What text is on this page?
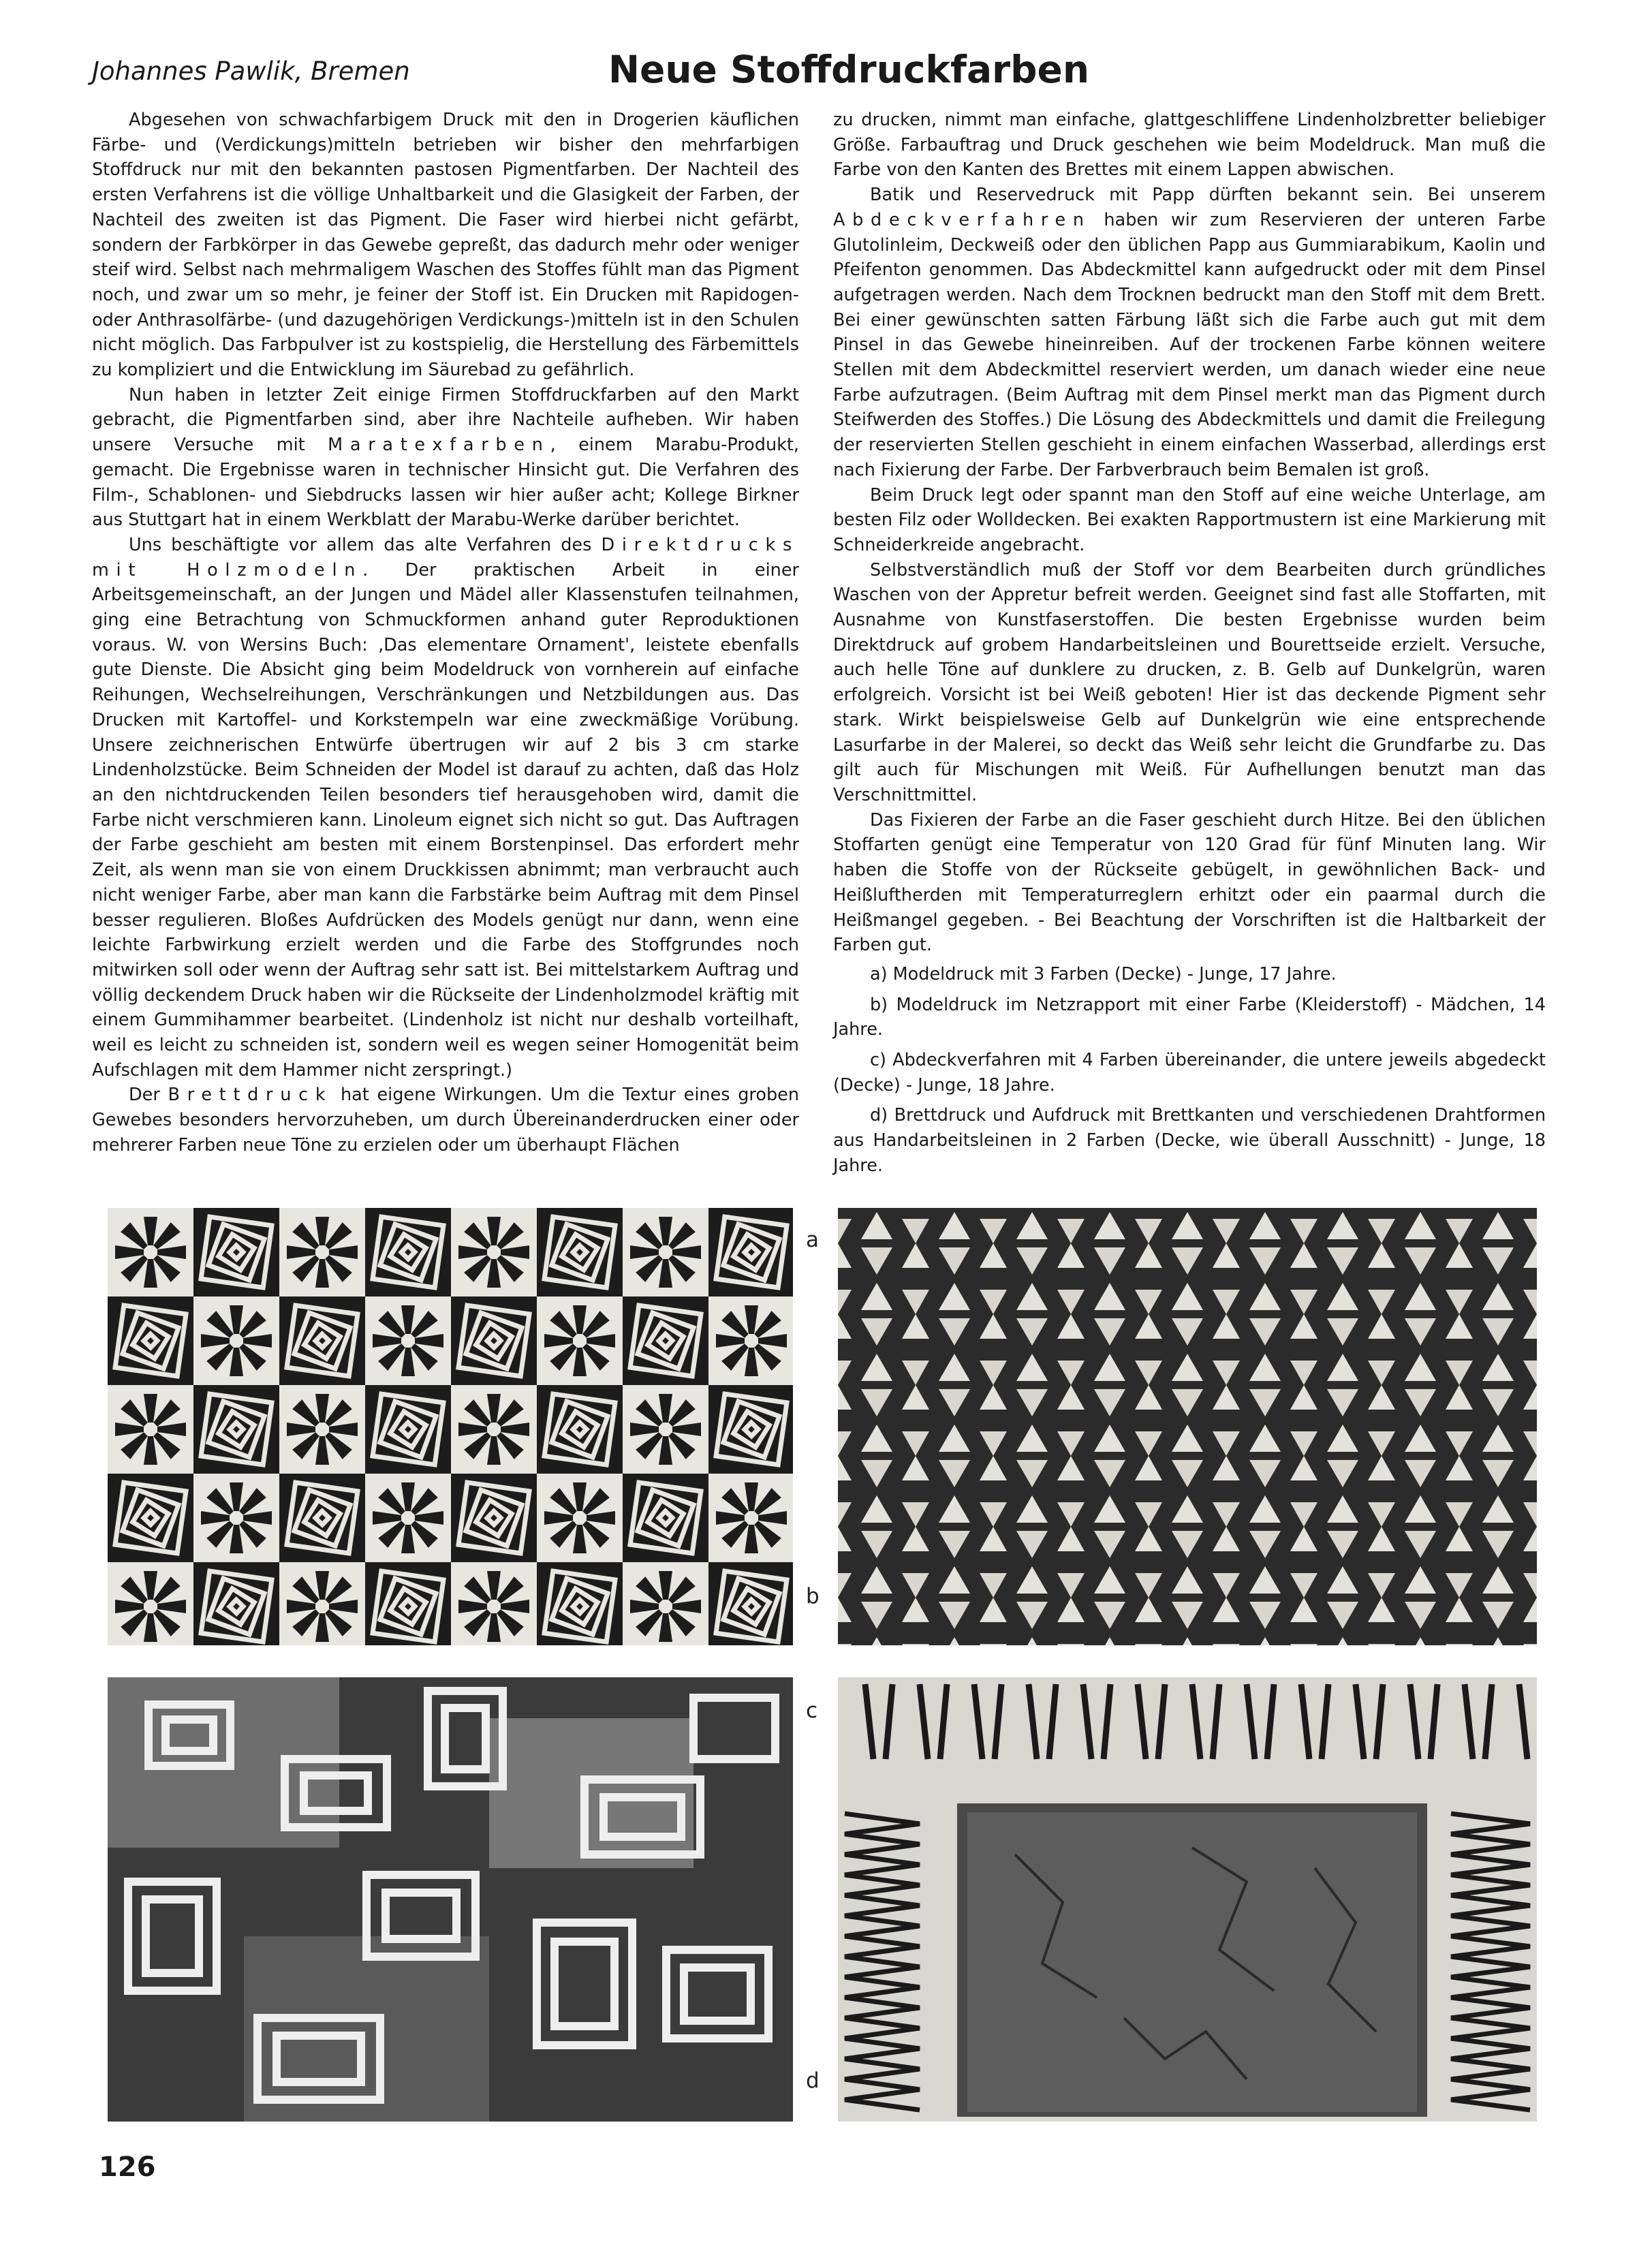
Johannes Pawlik, Bremen	Neue Stoffdruckfarben

Abgesehen von schwachfarbigem Druck mit den in Drogerien käuflichen Färbe- und (Verdickungs)mitteln betrieben wir bisher den mehrfarbigen Stoffdruck nur mit den bekannten pastosen Pigmentfarben. Der Nachteil des ersten Verfahrens ist die völlige Unhaltbarkeit und die Glasigkeit der Farben, der Nachteil des zweiten ist das Pigment. Die Faser wird hierbei nicht gefärbt, sondern der Farbkörper in das Gewebe gepreßt, das dadurch mehr oder weniger steif wird. Selbst nach mehrmaligem Waschen des Stoffes fühlt man das Pigment noch, und zwar um so mehr, je feiner der Stoff ist. Ein Drucken mit Rapidogen- oder Anthrasolfärbe- (und dazugehörigen Verdickungs-)mitteln ist in den Schulen nicht möglich. Das Farbpulver ist zu kostspielig, die Herstellung des Färbemittels zu kompliziert und die Entwicklung im Säurebad zu gefährlich.

Nun haben in letzter Zeit einige Firmen Stoffdruckfarben auf den Markt gebracht, die Pigmentfarben sind, aber ihre Nachteile aufheben. Wir haben unsere Versuche mit Maratexfarben, einem Marabu-Produkt, gemacht. Die Ergebnisse waren in technischer Hinsicht gut. Die Verfahren des Film-, Schablonen- und Siebdrucks lassen wir hier außer acht; Kollege Birkner aus Stuttgart hat in einem Werkblatt der Marabu-Werke darüber berichtet.

Uns beschäftigte vor allem das alte Verfahren des Direktdrucks mit Holzmodeln. Der praktischen Arbeit in einer Arbeitsgemeinschaft, an der Jungen und Mädel aller Klassenstufen teilnahmen, ging eine Betrachtung von Schmuckformen anhand guter Reproduktionen voraus. W. von Wersins Buch: ‚Das elementare Ornament', leistete ebenfalls gute Dienste. Die Absicht ging beim Modeldruck von vornherein auf einfache Reihungen, Wechselreihungen, Verschränkungen und Netzbildungen aus. Das Drucken mit Kartoffel- und Korkstempeln war eine zweckmäßige Vorübung. Unsere zeichnerischen Entwürfe übertrugen wir auf 2 bis 3 cm starke Lindenholzstücke. Beim Schneiden der Model ist darauf zu achten, daß das Holz an den nichtdruckenden Teilen besonders tief herausgehoben wird, damit die Farbe nicht verschmieren kann. Linoleum eignet sich nicht so gut. Das Auftragen der Farbe geschieht am besten mit einem Borstenpinsel. Das erfordert mehr Zeit, als wenn man sie von einem Druckkissen abnimmt; man verbraucht auch nicht weniger Farbe, aber man kann die Farbstärke beim Auftrag mit dem Pinsel besser regulieren. Bloßes Aufdrücken des Models genügt nur dann, wenn eine leichte Farbwirkung erzielt werden und die Farbe des Stoffgrundes noch mitwirken soll oder wenn der Auftrag sehr satt ist. Bei mittelstarkem Auftrag und völlig deckendem Druck haben wir die Rückseite der Lindenholzmodel kräftig mit einem Gummihammer bearbeitet. (Lindenholz ist nicht nur deshalb vorteilhaft, weil es leicht zu schneiden ist, sondern weil es wegen seiner Homogenität beim Aufschlagen mit dem Hammer nicht zerspringt.)

Der Brettdruck hat eigene Wirkungen. Um die Textur eines groben Gewebes besonders hervorzuheben, um durch Übereinanderdrucken einer oder mehrerer Farben neue Töne zu erzielen oder um überhaupt Flächen

zu drucken, nimmt man einfache, glattgeschliffene Lindenholzbretter beliebiger Größe. Farbauftrag und Druck geschehen wie beim Modeldruck. Man muß die Farbe von den Kanten des Brettes mit einem Lappen abwischen.

Batik und Reservedruck mit Papp dürften bekannt sein. Bei unserem Abdeckverfahren haben wir zum Reservieren der unteren Farbe Glutolinleim, Deckweiß oder den üblichen Papp aus Gummiarabikum, Kaolin und Pfeifenton genommen. Das Abdeckmittel kann aufgedruckt oder mit dem Pinsel aufgetragen werden. Nach dem Trocknen bedruckt man den Stoff mit dem Brett. Bei einer gewünschten satten Färbung läßt sich die Farbe auch gut mit dem Pinsel in das Gewebe hineinreiben. Auf der trockenen Farbe können weitere Stellen mit dem Abdeckmittel reserviert werden, um danach wieder eine neue Farbe aufzutragen. (Beim Auftrag mit dem Pinsel merkt man das Pigment durch Steifwerden des Stoffes.) Die Lösung des Abdeckmittels und damit die Freilegung der reservierten Stellen geschieht in einem einfachen Wasserbad, allerdings erst nach Fixierung der Farbe. Der Farbverbrauch beim Bemalen ist groß.

Beim Druck legt oder spannt man den Stoff auf eine weiche Unterlage, am besten Filz oder Wolldecken. Bei exakten Rapportmustern ist eine Markierung mit Schneiderkreide angebracht.

Selbstverständlich muß der Stoff vor dem Bearbeiten durch gründliches Waschen von der Appretur befreit werden. Geeignet sind fast alle Stoffarten, mit Ausnahme von Kunstfaserstoffen. Die besten Ergebnisse wurden beim Direktdruck auf grobem Handarbeitsleinen und Bourettseide erzielt. Versuche, auch helle Töne auf dunklere zu drucken, z. B. Gelb auf Dunkelgrün, waren erfolgreich. Vorsicht ist bei Weiß geboten! Hier ist das deckende Pigment sehr stark. Wirkt beispielsweise Gelb auf Dunkelgrün wie eine entsprechende Lasurfarbe in der Malerei, so deckt das Weiß sehr leicht die Grundfarbe zu. Das gilt auch für Mischungen mit Weiß. Für Aufhellungen benutzt man das Verschnittmittel.

Das Fixieren der Farbe an die Faser geschieht durch Hitze. Bei den üblichen Stoffarten genügt eine Temperatur von 120 Grad für fünf Minuten lang. Wir haben die Stoffe von der Rückseite gebügelt, in gewöhnlichen Back- und Heißluftherden mit Temperaturreglern erhitzt oder ein paarmal durch die Heißmangel gegeben. - Bei Beachtung der Vorschriften ist die Haltbarkeit der Farben gut.

a) Modeldruck mit 3 Farben (Decke) - Junge, 17 Jahre.

b) Modeldruck im Netzrapport mit einer Farbe (Kleiderstoff) - Mädchen, 14 Jahre.

c) Abdeckverfahren mit 4 Farben übereinander, die untere jeweils abgedeckt (Decke) - Junge, 18 Jahre.

d) Brettdruck und Aufdruck mit Brettkanten und verschiedenen Drahtformen aus Handarbeitsleinen in 2 Farben (Decke, wie überall Ausschnitt) - Junge, 18 Jahre.

a
b
c
d
126
